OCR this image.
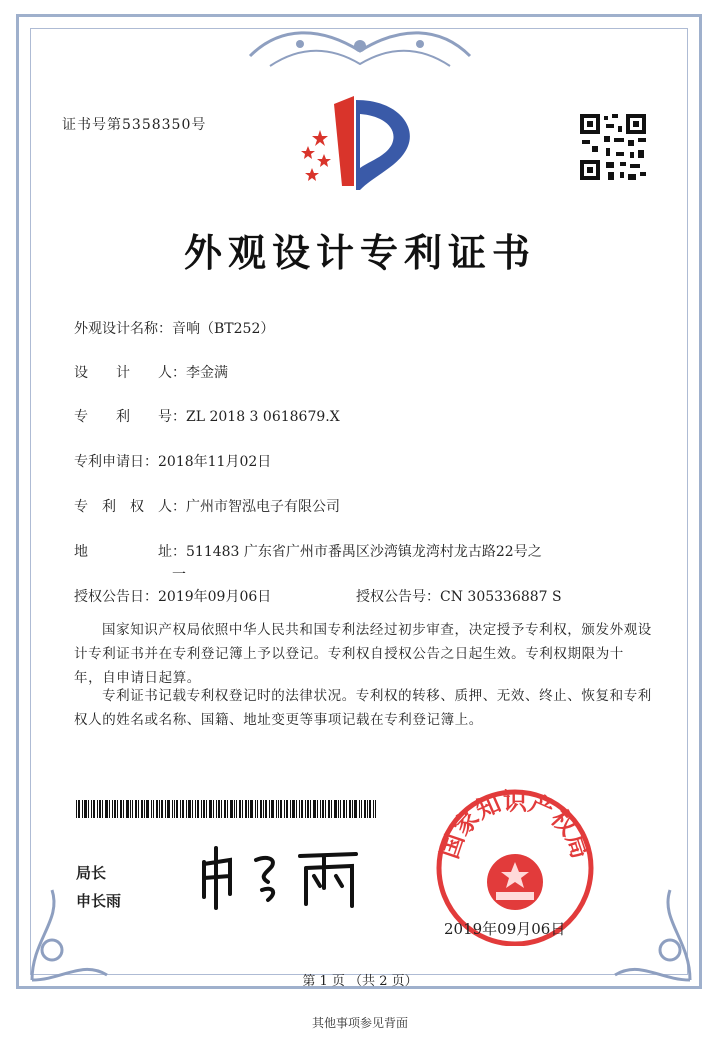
证书号第5358350号
外观设计专利证书
外观设计名称：音响（BT252）
设　　计　　人：李金满
专　　利　　号：ZL 2018 3 0618679.X
专利申请日：2018年11月02日
专　利　权　人：广州市智泓电子有限公司
地　　　　　址：511483 广东省广州市番禺区沙湾镇龙湾村龙古路22号之
一
授权公告日：2019年09月06日	授权公告号：CN 305336887 S
国家知识产权局依照中华人民共和国专利法经过初步审查，决定授予专利权，颁发外观设计专利证书并在专利登记簿上予以登记。专利权自授权公告之日起生效。专利权期限为十年，自申请日起算。
专利证书记载专利权登记时的法律状况。专利权的转移、质押、无效、终止、恢复和专利权人的姓名或名称、国籍、地址变更等事项记载在专利登记簿上。
局长
申长雨
国家知识产权局
2019年09月06日
第 1 页 （共 2 页）
其他事项参见背面
